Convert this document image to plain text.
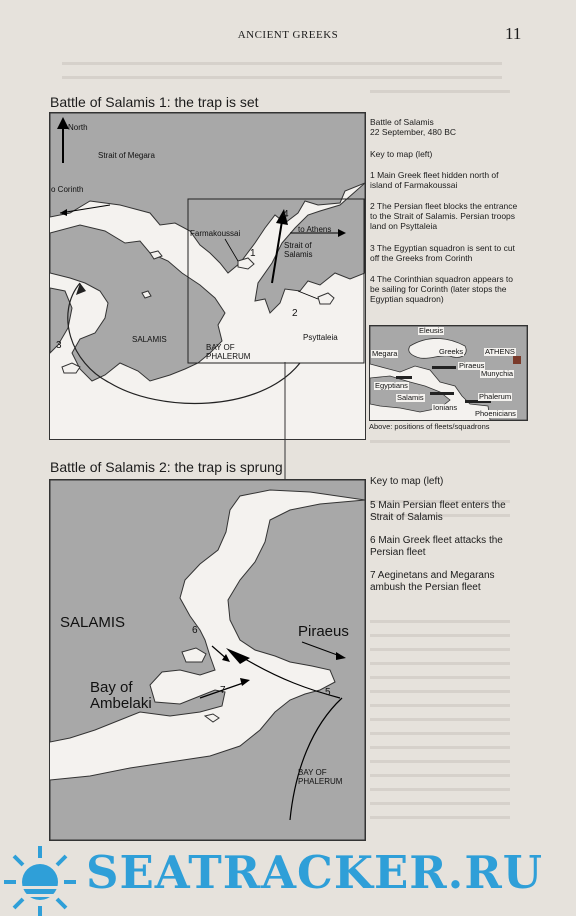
ANCIENT GREEKS	11
Battle of Salamis 1: the trap is set
North
Strait of Megara
o Corinth
Farmakoussai	to Athens
Strait of
Salamis
SALAMIS
BAY OF
PHALERUM
Psyttaleia
1
2
3
4
Battle of Salamis
22 September, 480 BC
Key to map (left)
1 Main Greek fleet hidden north of island of Farmakoussai
2 The Persian fleet blocks the entrance to the Strait of Salamis. Persian troops land on Psyttaleia
3 The Egyptian squadron is sent to cut off the Greeks from Corinth
4 The Corinthian squadron appears to be sailing for Corinth (later stops the Egyptian squadron)
Eleusis
Megara	Greeks	ATHENS
Piraeus
Munychia
Egyptians
Salamis	Phalerum
Ionians
Phoenicians
Above: positions of fleets/squadrons
Battle of Salamis 2: the trap is sprung
SALAMIS
Piraeus
Bay of
Ambelaki
BAY OF
PHALERUM
5
6
7
Key to map (left)
5 Main Persian fleet enters the Strait of Salamis
6 Main Greek fleet attacks the Persian fleet
7 Aeginetans and Megarans ambush the Persian fleet
SEATRACKER.RU
